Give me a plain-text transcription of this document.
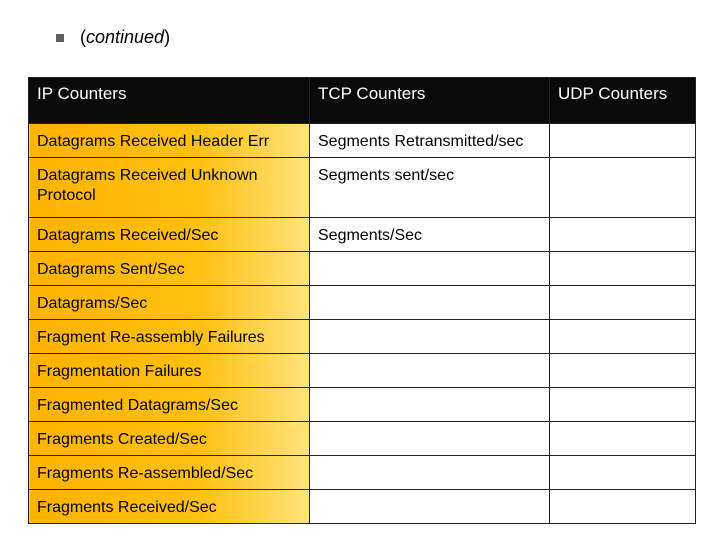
( continued )
IP Counters	TCP Counters	UDP Counters
Datagrams Received Header Err	Segments Retransmitted/sec	
Datagrams Received Unknown Protocol	Segments sent/sec	
Datagrams Received/Sec	Segments/Sec	
Datagrams Sent/Sec		
Datagrams/Sec		
Fragment Re-assembly Failures		
Fragmentation Failures		
Fragmented Datagrams/Sec		
Fragments Created/Sec		
Fragments Re-assembled/Sec		
Fragments Received/Sec		
